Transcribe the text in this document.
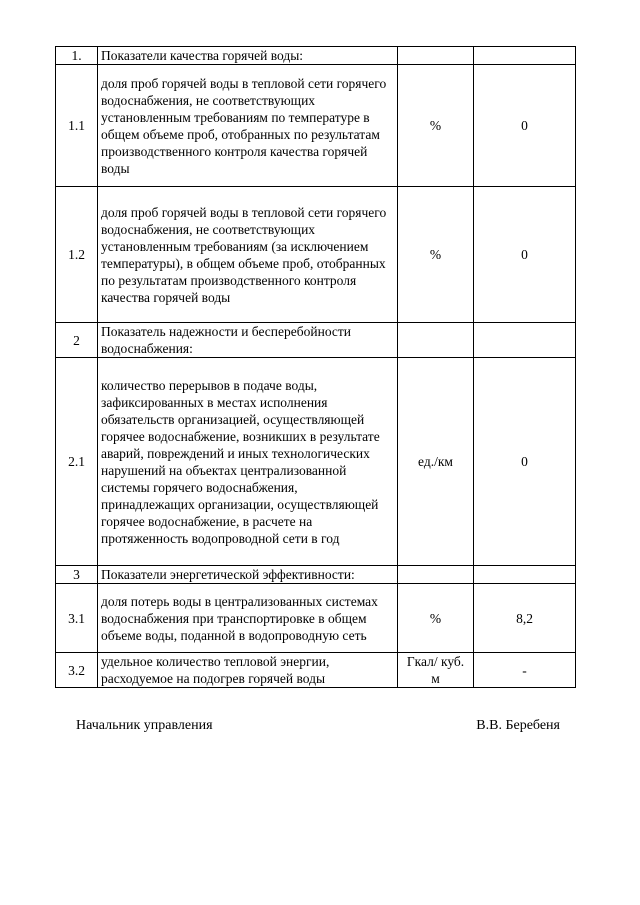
1.	Показатели качества горячей воды:		
1.1	доля проб горячей воды в тепловой сети горячего водоснабжения, не соответствующих установленным требованиям по температуре в общем объеме проб, отобранных по результатам производственного контроля качества горячей воды	%	0
1.2	доля проб горячей воды в тепловой сети горячего водоснабжения, не соответствующих установленным требованиям (за исключением температуры), в общем объеме проб, отобранных по результатам производственного контроля качества горячей воды	%	0
2	Показатель надежности и бесперебойности водоснабжения:		
2.1	количество перерывов в подаче воды, зафиксированных в местах исполнения обязательств организацией, осуществляющей горячее водоснабжение, возникших в результате аварий, повреждений и иных технологических нарушений на объектах централизованной системы горячего водоснабжения, принадлежащих организации, осуществляющей горячее водоснабжение, в расчете на протяженность водопроводной сети в год	ед./км	0
3	Показатели энергетической эффективности:		
3.1	доля потерь воды в централизованных системах водоснабжения при транспортировке в общем объеме воды, поданной в водопроводную сеть	%	8,2
3.2	удельное количество тепловой энергии, расходуемое на подогрев горячей воды	Гкал/ куб. м	-
Начальник управления	В.В. Беребеня
